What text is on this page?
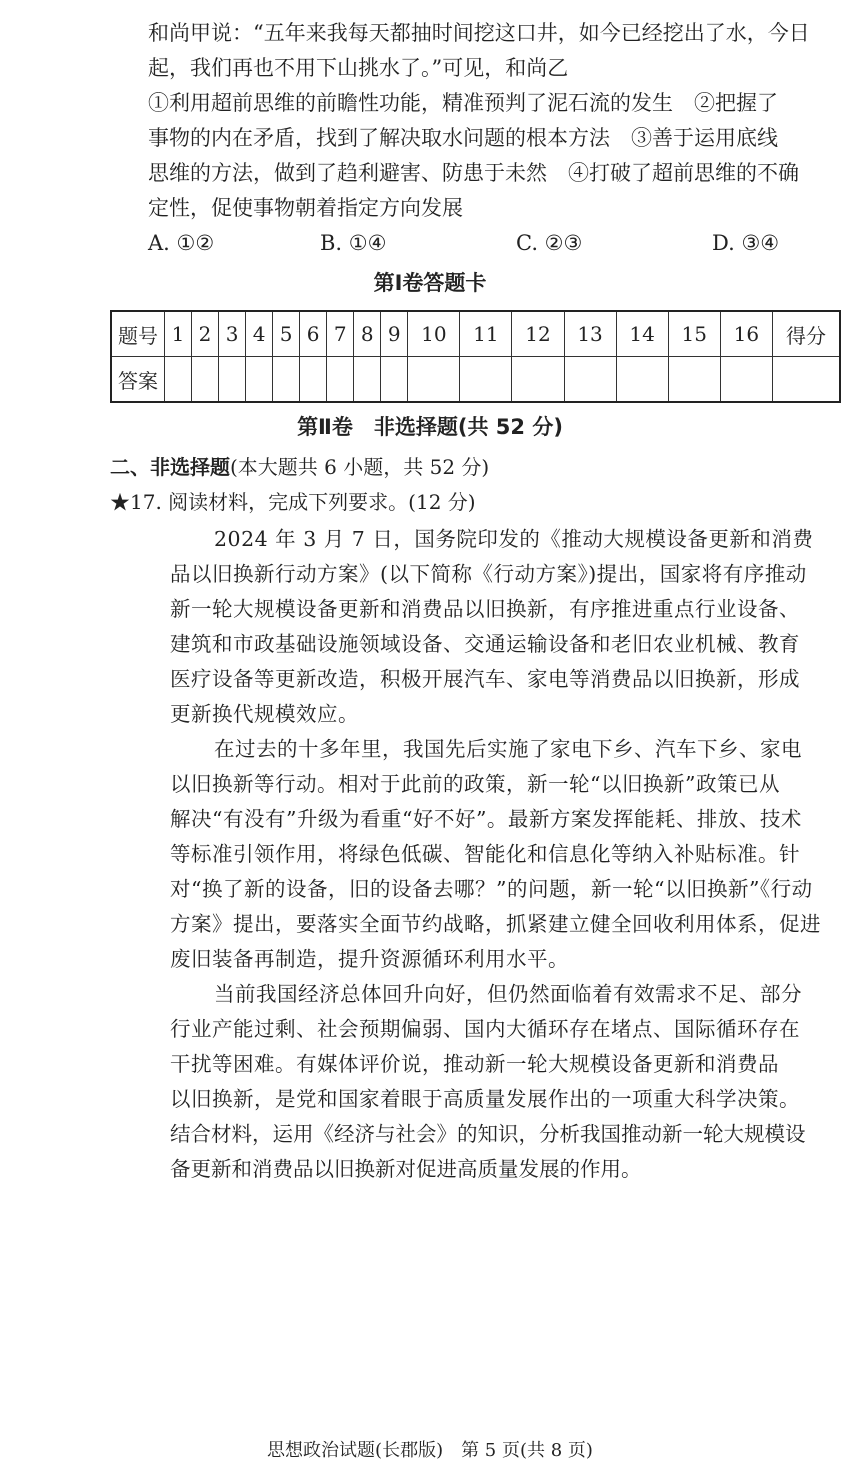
和尚甲说：“五年来我每天都抽时间挖这口井，如今已经挖出了水，今日
起，我们再也不用下山挑水了。”可见，和尚乙
①利用超前思维的前瞻性功能，精准预判了泥石流的发生　②把握了
事物的内在矛盾，找到了解决取水问题的根本方法　③善于运用底线
思维的方法，做到了趋利避害、防患于未然　④打破了超前思维的不确
定性，促使事物朝着指定方向发展
A. ①②	B. ①④	C. ②③	D. ③④
第Ⅰ卷答题卡
题号	1	2	3	4	5	6	7	8	9	10	11	12	13	14	15	16	得分
答案																	
第Ⅱ卷　非选择题(共 52 分)
二、非选择题(本大题共 6 小题，共 52 分)
★17. 阅读材料，完成下列要求。(12 分)
2024 年 3 月 7 日，国务院印发的《推动大规模设备更新和消费
品以旧换新行动方案》(以下简称《行动方案》)提出，国家将有序推动
新一轮大规模设备更新和消费品以旧换新，有序推进重点行业设备、
建筑和市政基础设施领域设备、交通运输设备和老旧农业机械、教育
医疗设备等更新改造，积极开展汽车、家电等消费品以旧换新，形成
更新换代规模效应。
在过去的十多年里，我国先后实施了家电下乡、汽车下乡、家电
以旧换新等行动。相对于此前的政策，新一轮“以旧换新”政策已从
解决“有没有”升级为看重“好不好”。最新方案发挥能耗、排放、技术
等标准引领作用，将绿色低碳、智能化和信息化等纳入补贴标准。针
对“换了新的设备，旧的设备去哪？”的问题，新一轮“以旧换新”《行动
方案》提出，要落实全面节约战略，抓紧建立健全回收利用体系，促进
废旧装备再制造，提升资源循环利用水平。
当前我国经济总体回升向好，但仍然面临着有效需求不足、部分
行业产能过剩、社会预期偏弱、国内大循环存在堵点、国际循环存在
干扰等困难。有媒体评价说，推动新一轮大规模设备更新和消费品
以旧换新，是党和国家着眼于高质量发展作出的一项重大科学决策。
结合材料，运用《经济与社会》的知识，分析我国推动新一轮大规模设
备更新和消费品以旧换新对促进高质量发展的作用。
思想政治试题(长郡版)　第 5 页(共 8 页)
